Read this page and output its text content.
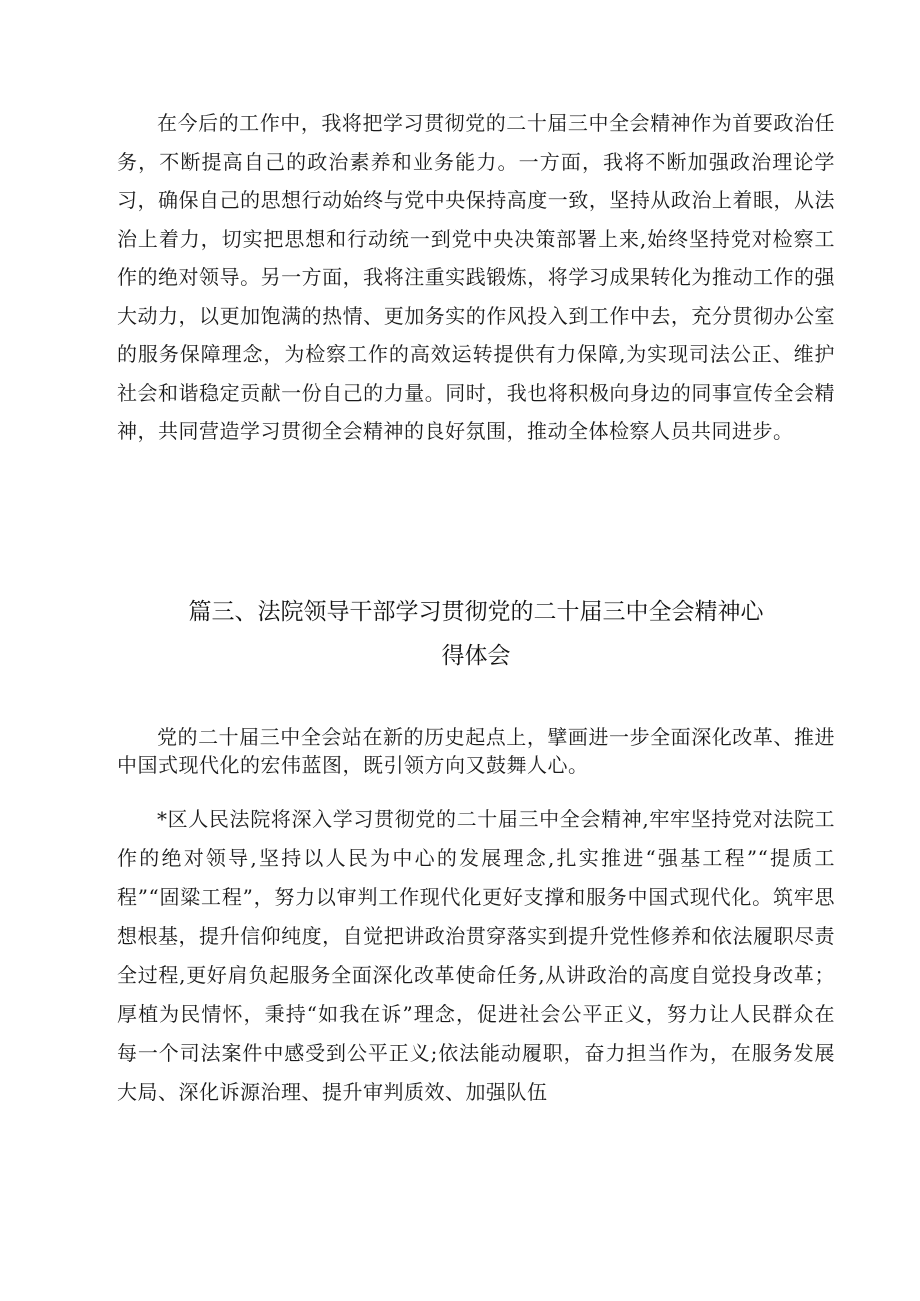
在今后的工作中，我将把学习贯彻党的二十届三中全会精神作为首要政治任务，不断提高自己的政治素养和业务能力。一方面，我将不断加强政治理论学习，确保自己的思想行动始终与党中央保持高度一致，坚持从政治上着眼，从法治上着力，切实把思想和行动统一到党中央决策部署上来,始终坚持党对检察工作的绝对领导。另一方面，我将注重实践锻炼，将学习成果转化为推动工作的强大动力，以更加饱满的热情、更加务实的作风投入到工作中去，充分贯彻办公室的服务保障理念，为检察工作的高效运转提供有力保障,为实现司法公正、维护社会和谐稳定贡献一份自己的力量。同时，我也将积极向身边的同事宣传全会精神，共同营造学习贯彻全会精神的良好氛围，推动全体检察人员共同进步。

篇三、法院领导干部学习贯彻党的二十届三中全会精神心
得体会

党的二十届三中全会站在新的历史起点上，擘画进一步全面深化改革、推进中国式现代化的宏伟蓝图，既引领方向又鼓舞人心。

*区人民法院将深入学习贯彻党的二十届三中全会精神,牢牢坚持党对法院工作的绝对领导,坚持以人民为中心的发展理念,扎实推进“强基工程”“提质工程”“固粱工程”，努力以审判工作现代化更好支撑和服务中国式现代化。筑牢思想根基，提升信仰纯度，自觉把讲政治贯穿落实到提升党性修养和依法履职尽责全过程,更好肩负起服务全面深化改革使命任务,从讲政治的高度自觉投身改革；厚植为民情怀，秉持“如我在诉”理念，促进社会公平正义，努力让人民群众在每一个司法案件中感受到公平正义;依法能动履职，奋力担当作为，在服务发展大局、深化诉源治理、提升审判质效、加强队伍
